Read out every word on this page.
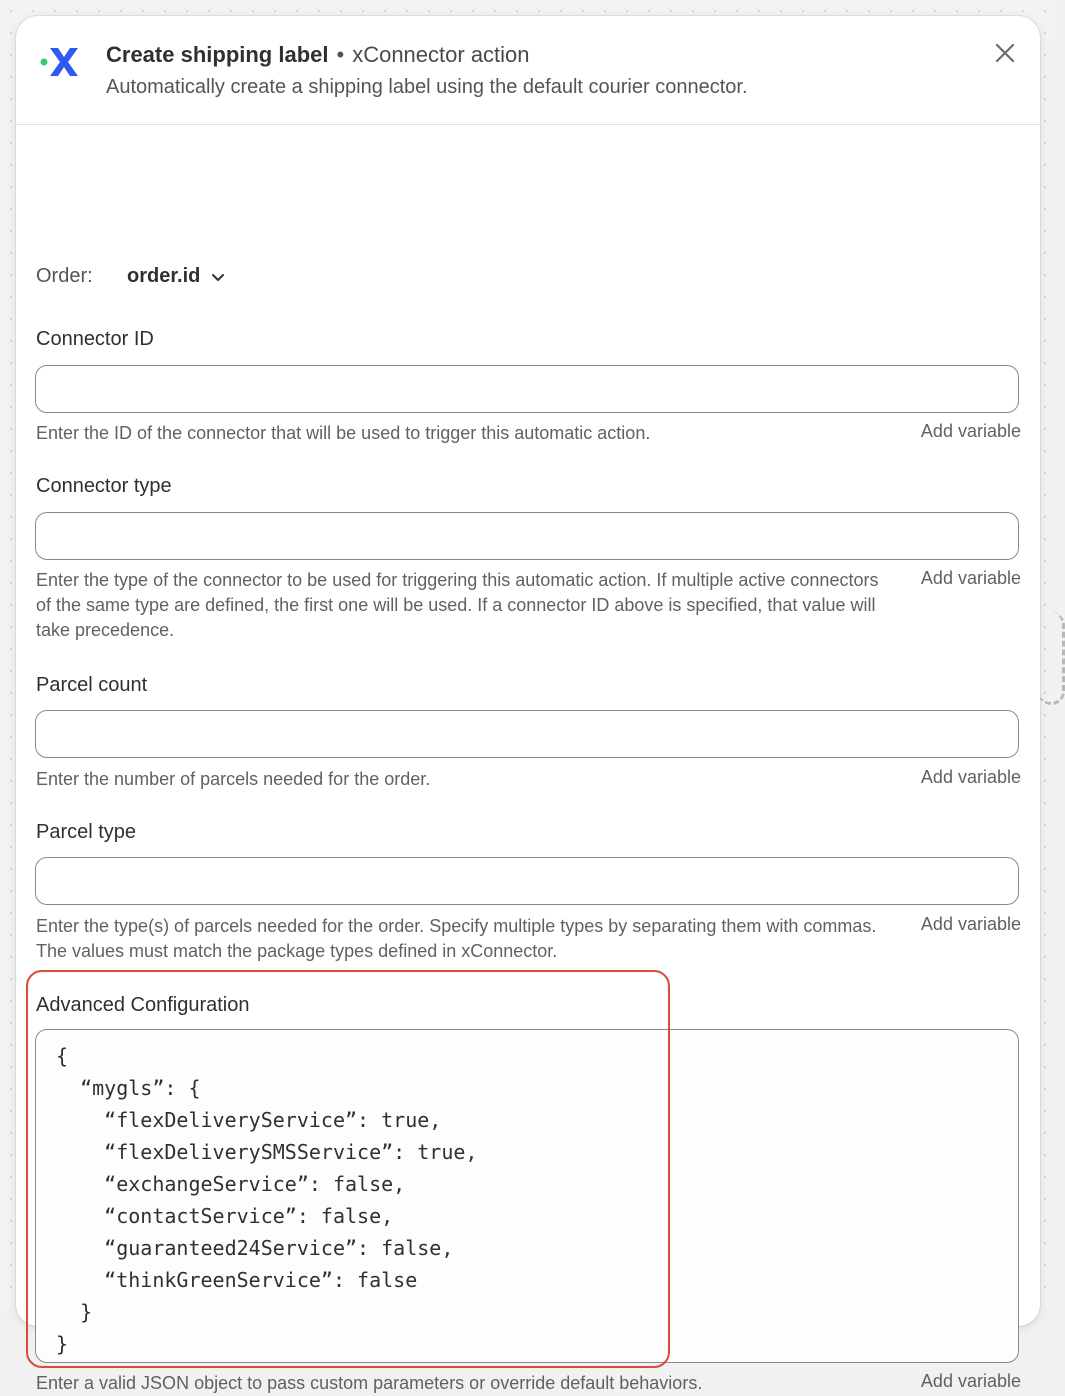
Create shipping label • xConnector action
Automatically create a shipping label using the default courier connector.
Order:	order.id
Connector ID
Enter the ID of the connector that will be used to trigger this automatic action.	Add variable
Connector type
Enter the type of the connector to be used for triggering this automatic action. If multiple active connectors of the same type are defined, the first one will be used. If a connector ID above is specified, that value will take precedence.
Add variable
Parcel count
Enter the number of parcels needed for the order.	Add variable
Parcel type
Enter the type(s) of parcels needed for the order. Specify multiple types by separating them with commas. The values must match the package types defined in xConnector.
Add variable
Advanced Configuration
{
“mygls”: {
“flexDeliveryService”: true,
“flexDeliverySMSService”: true,
“exchangeService”: false,
“contactService”: false,
“guaranteed24Service”: false,
“thinkGreenService”: false
}
}
Enter a valid JSON object to pass custom parameters or override default behaviors.	Add variable
